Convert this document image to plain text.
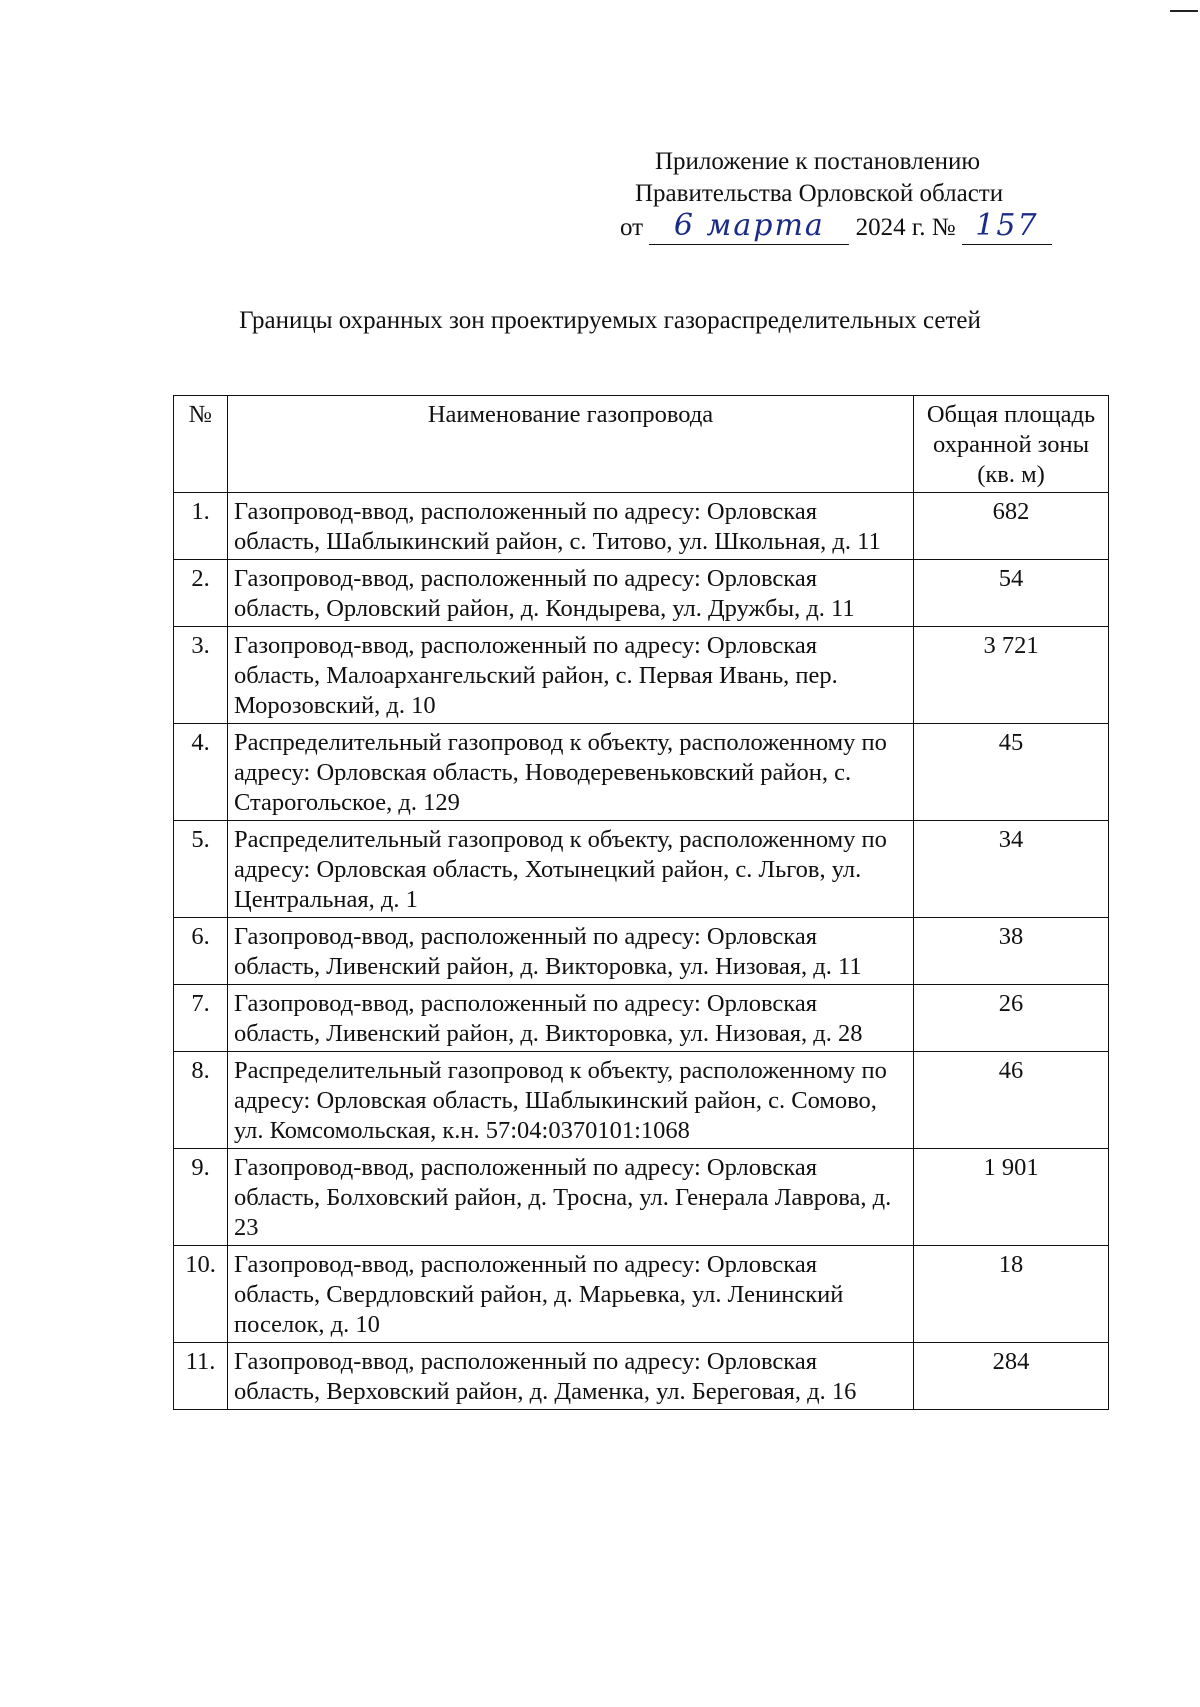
Приложение к постановлению
Правительства Орловской области
от 6 марта 2024 г. № 157
Границы охранных зон проектируемых газораспределительных сетей
№	Наименование газопровода	Общая площадь охранной зоны (кв. м)
1.	Газопровод-ввод, расположенный по адресу: Орловская область, Шаблыкинский район, с. Титово, ул. Школьная, д. 11	682
2.	Газопровод-ввод, расположенный по адресу: Орловская область, Орловский район, д. Кондырева, ул. Дружбы, д. 11	54
3.	Газопровод-ввод, расположенный по адресу: Орловская область, Малоархангельский район, с. Первая Ивань, пер. Морозовский, д. 10	3 721
4.	Распределительный газопровод к объекту, расположенному по адресу: Орловская область, Новодеревеньковский район, с. Старогольское, д. 129	45
5.	Распределительный газопровод к объекту, расположенному по адресу: Орловская область, Хотынецкий район, с. Льгов, ул. Центральная, д. 1	34
6.	Газопровод-ввод, расположенный по адресу: Орловская область, Ливенский район, д. Викторовка, ул. Низовая, д. 11	38
7.	Газопровод-ввод, расположенный по адресу: Орловская область, Ливенский район, д. Викторовка, ул. Низовая, д. 28	26
8.	Распределительный газопровод к объекту, расположенному по адресу: Орловская область, Шаблыкинский район, с. Сомово, ул. Комсомольская, к.н. 57:04:0370101:1068	46
9.	Газопровод-ввод, расположенный по адресу: Орловская область, Болховский район, д. Тросна, ул. Генерала Лаврова, д. 23	1 901
10.	Газопровод-ввод, расположенный по адресу: Орловская область, Свердловский район, д. Марьевка, ул. Ленинский поселок, д. 10	18
11.	Газопровод-ввод, расположенный по адресу: Орловская область, Верховский район, д. Даменка, ул. Береговая, д. 16	284
